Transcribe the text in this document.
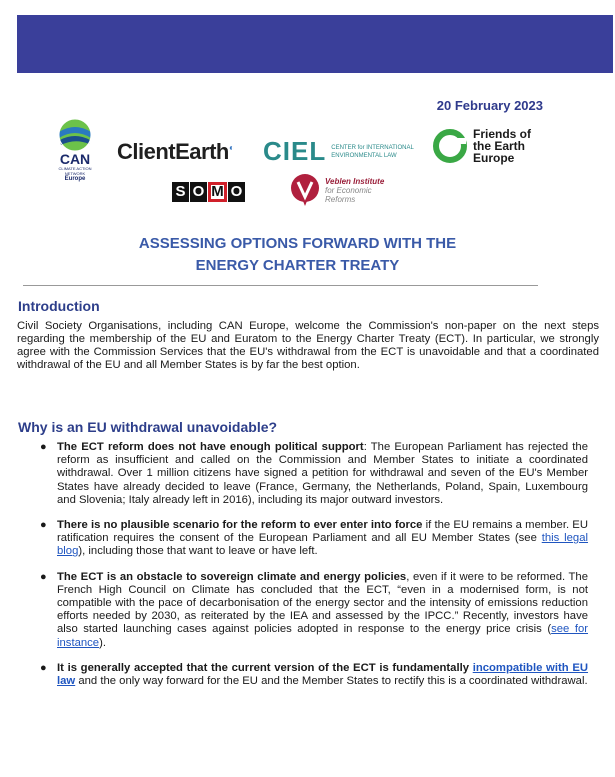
20 February 2023
CAN
CLIMATE ACTION NETWORK
Europe
ClientEarth◐ CIEL CENTER for INTERNATIONAL
ENVIRONMENTAL LAW
Friends of
the Earth
Europe
S O M O
Veblen Institute
for Economic
Reforms
ASSESSING OPTIONS FORWARD WITH THE
ENERGY CHARTER TREATY
Introduction
Civil Society Organisations, including CAN Europe, welcome the Commission's non-paper on the next steps regarding the membership of the EU and Euratom to the Energy Charter Treaty (ECT). In particular, we strongly agree with the Commission Services that the EU's withdrawal from the ECT is unavoidable and that a coordinated withdrawal of the EU and all Member States is by far the best option.
Why is an EU withdrawal unavoidable?
● The ECT reform does not have enough political support: The European Parliament has rejected the reform as insufficient and called on the Commission and Member States to initiate a coordinated withdrawal. Over 1 million citizens have signed a petition for withdrawal and seven of the EU's Member States have already decided to leave (France, Germany, the Netherlands, Poland, Spain, Luxembourg and Slovenia; Italy already left in 2016), including its major outward investors.
● There is no plausible scenario for the reform to ever enter into force if the EU remains a member. EU ratification requires the consent of the European Parliament and all EU Member States (see this legal blog), including those that want to leave or have left.
● The ECT is an obstacle to sovereign climate and energy policies, even if it were to be reformed. The French High Council on Climate has concluded that the ECT, “even in a modernised form, is not compatible with the pace of decarbonisation of the energy sector and the intensity of emissions reduction efforts needed by 2030, as reiterated by the IEA and assessed by the IPCC.” Recently, investors have also started launching cases against policies adopted in response to the energy price crisis (see for instance).
● It is generally accepted that the current version of the ECT is fundamentally incompatible with EU law and the only way forward for the EU and the Member States to rectify this is a coordinated withdrawal.
